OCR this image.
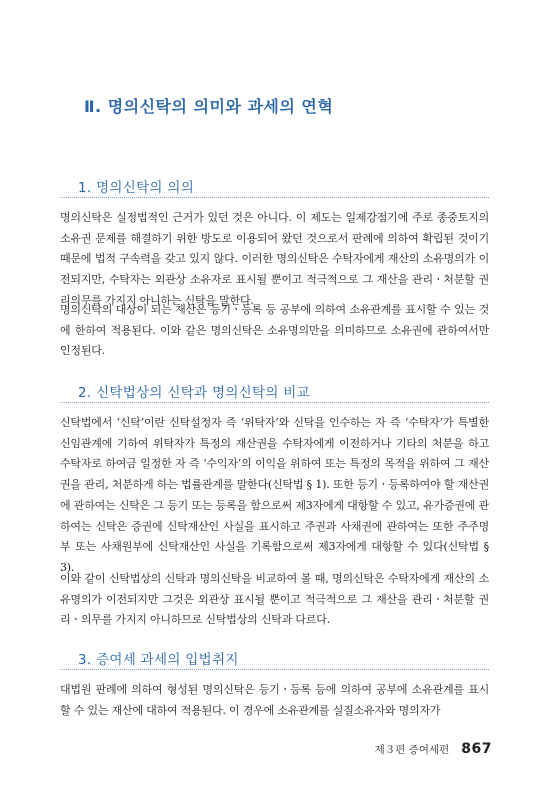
Ⅱ. 명의신탁의 의미와 과세의 연혁
1. 명의신탁의 의의

명의신탁은 실정법적인 근거가 있던 것은 아니다. 이 제도는 일제강점기에 주로 종중토지의 소유권 문제를 해결하기 위한 방도로 이용되어 왔던 것으로서 판례에 의하여 확립된 것이기 때문에 법적 구속력을 갖고 있지 않다. 이러한 명의신탁은 수탁자에게 재산의 소유명의가 이전되지만, 수탁자는 외관상 소유자로 표시될 뿐이고 적극적으로 그 재산을 관리ㆍ처분할 권리의무를 가지지 아니하는 신탁을 말한다.

명의신탁의 대상이 되는 재산은 등기ㆍ등록 등 공부에 의하여 소유관계를 표시할 수 있는 것에 한하여 적용된다. 이와 같은 명의신탁은 소유명의만을 의미하므로 소유권에 관하여서만 인정된다.

2. 신탁법상의 신탁과 명의신탁의 비교

신탁법에서 ‘신탁’이란 신탁설정자 즉 ‘위탁자’와 신탁을 인수하는 자 즉 ‘수탁자’가 특별한 신임관계에 기하여 위탁자가 특정의 재산권을 수탁자에게 이전하거나 기타의 처분을 하고 수탁자로 하여금 일정한 자 즉 ‘수익자’의 이익을 위하여 또는 특정의 목적을 위하여 그 재산권을 관리, 처분하게 하는 법률관계를 말한다(신탁법 § 1). 또한 등기ㆍ등록하여야 할 재산권에 관하여는 신탁은 그 등기 또는 등록을 함으로써 제3자에게 대항할 수 있고, 유가증권에 관하여는 신탁은 증권에 신탁재산인 사실을 표시하고 주권과 사채권에 관하여는 또한 주주명부 또는 사채원부에 신탁재산인 사실을 기록함으로써 제3자에게 대항할 수 있다(신탁법 § 3).

이와 같이 신탁법상의 신탁과 명의신탁을 비교하여 볼 때, 명의신탁은 수탁자에게 재산의 소유명의가 이전되지만 그것은 외관상 표시될 뿐이고 적극적으로 그 재산을 관리ㆍ처분할 권리ㆍ의무를 가지지 아니하므로 신탁법상의 신탁과 다르다.

3. 증여세 과세의 입법취지

대법원 판례에 의하여 형성된 명의신탁은 등기ㆍ등록 등에 의하여 공부에 소유관계를 표시할 수 있는 재산에 대하여 적용된다. 이 경우에 소유관계를 실질소유자와 명의자가

제３편 증여세편 867
